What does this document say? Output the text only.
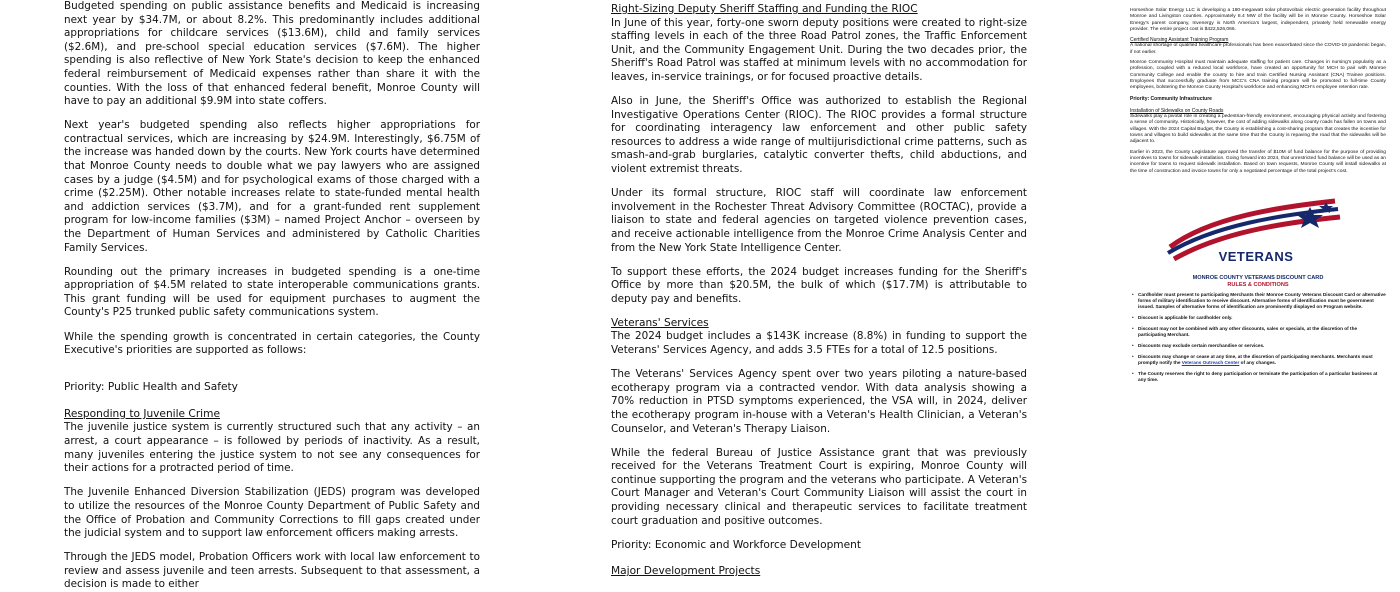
Budgeted spending on public assistance benefits and Medicaid is increasing next year by $34.7M, or about 8.2%. This predominantly includes additional appropriations for childcare services ($13.6M), child and family services ($2.6M), and pre-school special education services ($7.6M). The higher spending is also reflective of New York State's decision to keep the enhanced federal reimbursement of Medicaid expenses rather than share it with the counties. With the loss of that enhanced federal benefit, Monroe County will have to pay an additional $9.9M into state coffers.

Next year's budgeted spending also reflects higher appropriations for contractual services, which are increasing by $24.9M. Interestingly, $6.75M of the increase was handed down by the courts. New York courts have determined that Monroe County needs to double what we pay lawyers who are assigned cases by a judge ($4.5M) and for psychological exams of those charged with a crime ($2.25M). Other notable increases relate to state-funded mental health and addiction services ($3.7M), and for a grant-funded rent supplement program for low-income families ($3M) – named Project Anchor – overseen by the Department of Human Services and administered by Catholic Charities Family Services.

Rounding out the primary increases in budgeted spending is a one-time appropriation of $4.5M related to state interoperable communications grants. This grant funding will be used for equipment purchases to augment the County's P25 trunked public safety communications system.

While the spending growth is concentrated in certain categories, the County Executive's priorities are supported as follows:

Priority: Public Health and Safety

Responding to Juvenile Crime

The juvenile justice system is currently structured such that any activity – an arrest, a court appearance – is followed by periods of inactivity. As a result, many juveniles entering the justice system to not see any consequences for their actions for a protracted period of time.

The Juvenile Enhanced Diversion Stabilization (JEDS) program was developed to utilize the resources of the Monroe County Department of Public Safety and the Office of Probation and Community Corrections to fill gaps created under the judicial system and to support law enforcement officers making arrests.

Through the JEDS model, Probation Officers work with local law enforcement to review and assess juvenile and teen arrests. Subsequent to that assessment, a decision is made to either

Right-Sizing Deputy Sheriff Staffing and Funding the RIOC

In June of this year, forty-one sworn deputy positions were created to right-size staffing levels in each of the three Road Patrol zones, the Traffic Enforcement Unit, and the Community Engagement Unit. During the two decades prior, the Sheriff's Road Patrol was staffed at minimum levels with no accommodation for leaves, in-service trainings, or for focused proactive details.

Also in June, the Sheriff's Office was authorized to establish the Regional Investigative Operations Center (RIOC). The RIOC provides a formal structure for coordinating interagency law enforcement and other public safety resources to address a wide range of multijurisdictional crime patterns, such as smash-and-grab burglaries, catalytic converter thefts, child abductions, and violent extremist threats.

Under its formal structure, RIOC staff will coordinate law enforcement involvement in the Rochester Threat Advisory Committee (ROCTAC), provide a liaison to state and federal agencies on targeted violence prevention cases, and receive actionable intelligence from the Monroe Crime Analysis Center and from the New York State Intelligence Center.

To support these efforts, the 2024 budget increases funding for the Sheriff's Office by more than $20.5M, the bulk of which ($17.7M) is attributable to deputy pay and benefits.

Veterans' Services

The 2024 budget includes a $143K increase (8.8%) in funding to support the Veterans' Services Agency, and adds 3.5 FTEs for a total of 12.5 positions.

The Veterans' Services Agency spent over two years piloting a nature-based ecotherapy program via a contracted vendor. With data analysis showing a 70% reduction in PTSD symptoms experienced, the VSA will, in 2024, deliver the ecotherapy program in-house with a Veteran's Health Clinician, a Veteran's Counselor, and Veteran's Therapy Liaison.

While the federal Bureau of Justice Assistance grant that was previously received for the Veterans Treatment Court is expiring, Monroe County will continue supporting the program and the veterans who participate. A Veteran's Court Manager and Veteran's Court Community Liaison will assist the court in providing necessary clinical and therapeutic services to facilitate treatment court graduation and positive outcomes.

Priority: Economic and Workforce Development

Major Development Projects

Horseshoe Solar Energy LLC is developing a 180-megawatt solar photovoltaic electric generation facility throughout Monroe and Livingston counties. Approximately 8.4 MW of the facility will be in Monroe County. Horseshoe Solar Energy's parent company, Invenergy is North America's largest, independent, privately held renewable energy provider. The entire project cost is $422,526,066.

Certified Nursing Assistant Training Program

A national shortage of qualified healthcare professionals has been exacerbated since the COVID-19 pandemic began, if not earlier.

Monroe Community Hospital must maintain adequate staffing for patient care. Changes in nursing's popularity as a profession, coupled with a reduced local workforce, have created an opportunity for MCH to pair with Monroe Community College and enable the county to hire and train Certified Nursing Assistant (CNA) Trainee positions. Employees that successfully graduate from MCC's CNA training program will be promoted to full-time County employees, bolstering the Monroe County Hospital's workforce and enhancing MCH's employee retention rate.

Priority: Community Infrastructure

Installation of Sidewalks on County Roads

Sidewalks play a pivotal role in creating a pedestrian-friendly environment, encouraging physical activity and fostering a sense of community. Historically, however, the cost of adding sidewalks along county roads has fallen on towns and villages. With the 2024 Capital Budget, the County is establishing a cost-sharing program that creates the incentive for towns and villages to build sidewalks at the same time that the County is repaving the road that the sidewalks will be adjacent to.

Earlier in 2023, the County Legislature approved the transfer of $10M of fund balance for the purpose of providing incentives to towns for sidewalk installation. Going forward into 2024, that unrestricted fund balance will be used as an incentive for towns to request sidewalk installation. Based on town requests, Monroe County will install sidewalks at the time of construction and invoice towns for only a negotiated percentage of the total project's cost.

VETERANS

MONROE COUNTY VETERANS DISCOUNT CARD

RULES & CONDITIONS

• Cardholder must present to participating Merchants their Monroe County Veterans Discount Card or alternative forms of military identification to receive discount. Alternative forms of identification must be government issued. Samples of alternative forms of identification are prominently displayed on Program website.
• Discount is applicable for cardholder only.
• Discount may not be combined with any other discounts, sales or specials, at the discretion of the participating Merchant.
• Discounts may exclude certain merchandise or services.
• Discounts may change or cease at any time, at the discretion of participating merchants. Merchants must promptly notify the Veterans Outreach Center of any changes.
• The County reserves the right to deny participation or terminate the participation of a particular business at any time.
